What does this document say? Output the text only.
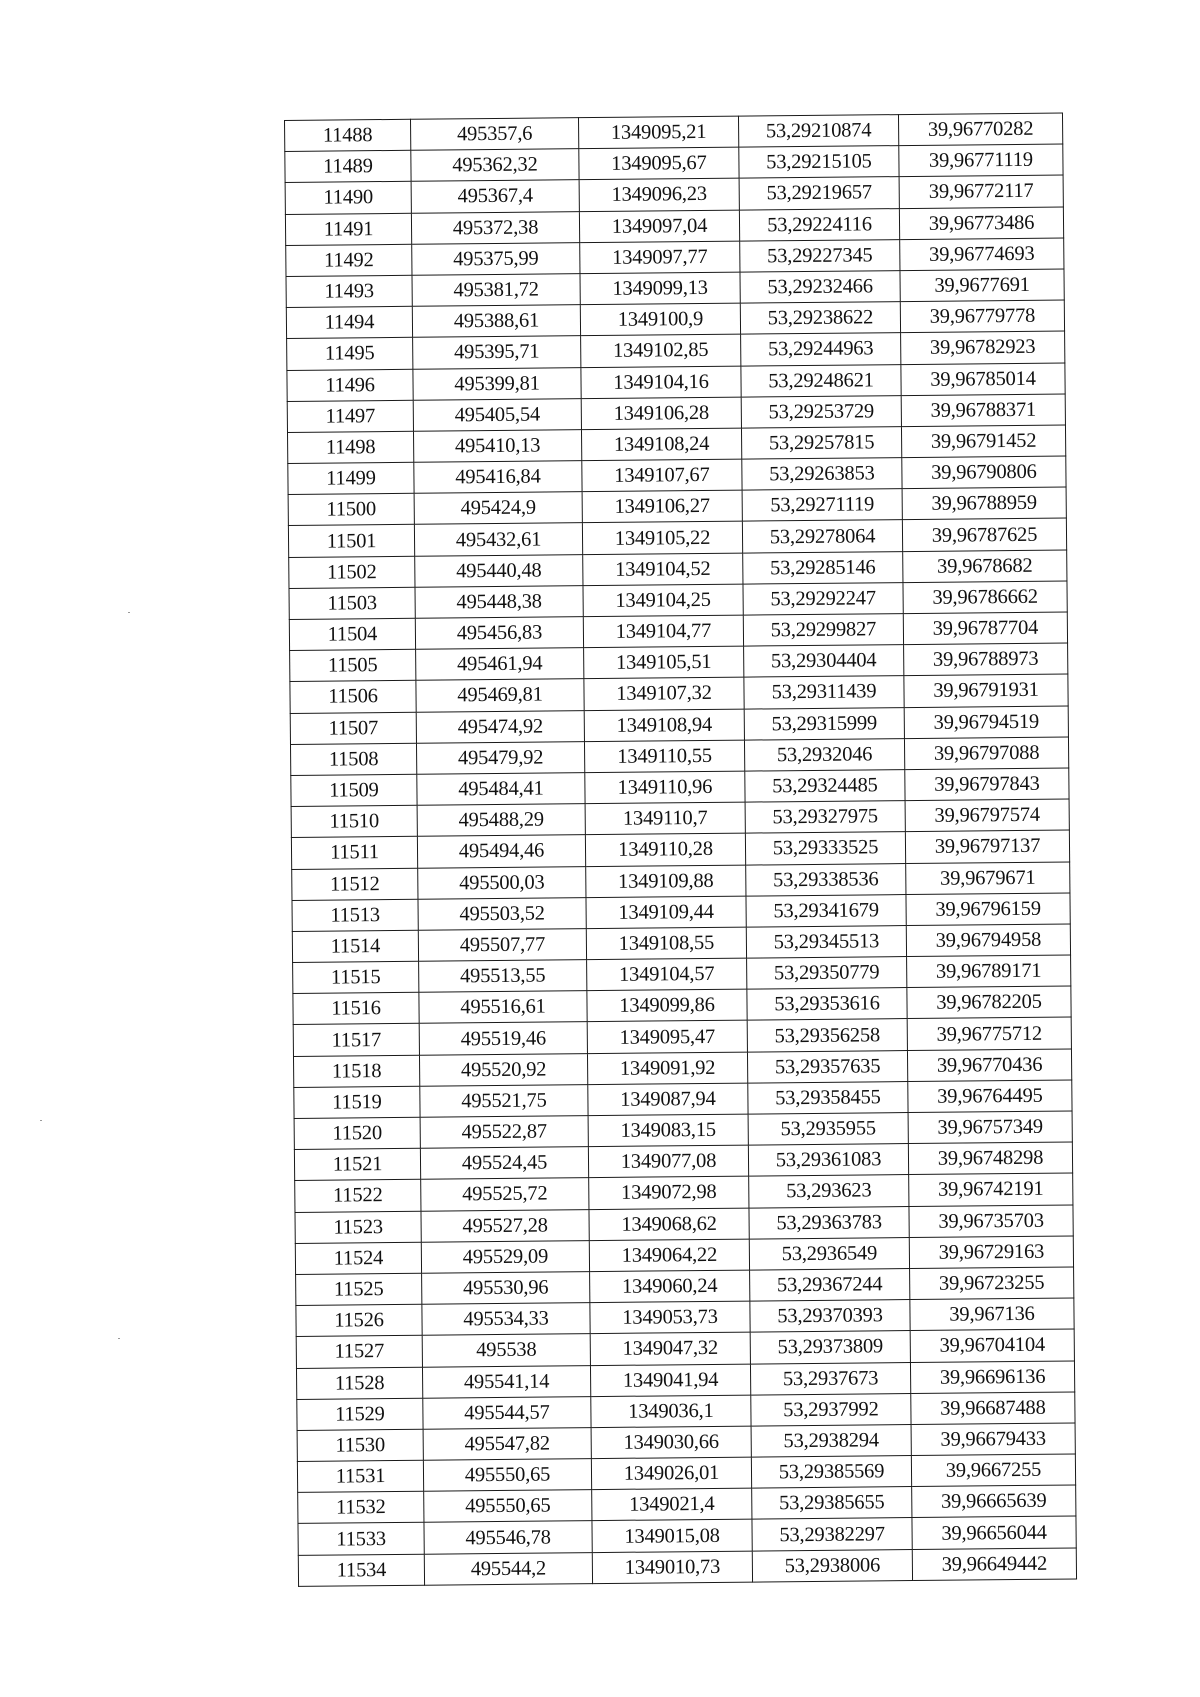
11488	495357,6	1349095,21	53,29210874	39,96770282
11489	495362,32	1349095,67	53,29215105	39,96771119
11490	495367,4	1349096,23	53,29219657	39,96772117
11491	495372,38	1349097,04	53,29224116	39,96773486
11492	495375,99	1349097,77	53,29227345	39,96774693
11493	495381,72	1349099,13	53,29232466	39,9677691
11494	495388,61	1349100,9	53,29238622	39,96779778
11495	495395,71	1349102,85	53,29244963	39,96782923
11496	495399,81	1349104,16	53,29248621	39,96785014
11497	495405,54	1349106,28	53,29253729	39,96788371
11498	495410,13	1349108,24	53,29257815	39,96791452
11499	495416,84	1349107,67	53,29263853	39,96790806
11500	495424,9	1349106,27	53,29271119	39,96788959
11501	495432,61	1349105,22	53,29278064	39,96787625
11502	495440,48	1349104,52	53,29285146	39,9678682
11503	495448,38	1349104,25	53,29292247	39,96786662
11504	495456,83	1349104,77	53,29299827	39,96787704
11505	495461,94	1349105,51	53,29304404	39,96788973
11506	495469,81	1349107,32	53,29311439	39,96791931
11507	495474,92	1349108,94	53,29315999	39,96794519
11508	495479,92	1349110,55	53,2932046	39,96797088
11509	495484,41	1349110,96	53,29324485	39,96797843
11510	495488,29	1349110,7	53,29327975	39,96797574
11511	495494,46	1349110,28	53,29333525	39,96797137
11512	495500,03	1349109,88	53,29338536	39,9679671
11513	495503,52	1349109,44	53,29341679	39,96796159
11514	495507,77	1349108,55	53,29345513	39,96794958
11515	495513,55	1349104,57	53,29350779	39,96789171
11516	495516,61	1349099,86	53,29353616	39,96782205
11517	495519,46	1349095,47	53,29356258	39,96775712
11518	495520,92	1349091,92	53,29357635	39,96770436
11519	495521,75	1349087,94	53,29358455	39,96764495
11520	495522,87	1349083,15	53,2935955	39,96757349
11521	495524,45	1349077,08	53,29361083	39,96748298
11522	495525,72	1349072,98	53,293623	39,96742191
11523	495527,28	1349068,62	53,29363783	39,96735703
11524	495529,09	1349064,22	53,2936549	39,96729163
11525	495530,96	1349060,24	53,29367244	39,96723255
11526	495534,33	1349053,73	53,29370393	39,967136
11527	495538	1349047,32	53,29373809	39,96704104
11528	495541,14	1349041,94	53,2937673	39,96696136
11529	495544,57	1349036,1	53,2937992	39,96687488
11530	495547,82	1349030,66	53,2938294	39,96679433
11531	495550,65	1349026,01	53,29385569	39,9667255
11532	495550,65	1349021,4	53,29385655	39,96665639
11533	495546,78	1349015,08	53,29382297	39,96656044
11534	495544,2	1349010,73	53,2938006	39,96649442
